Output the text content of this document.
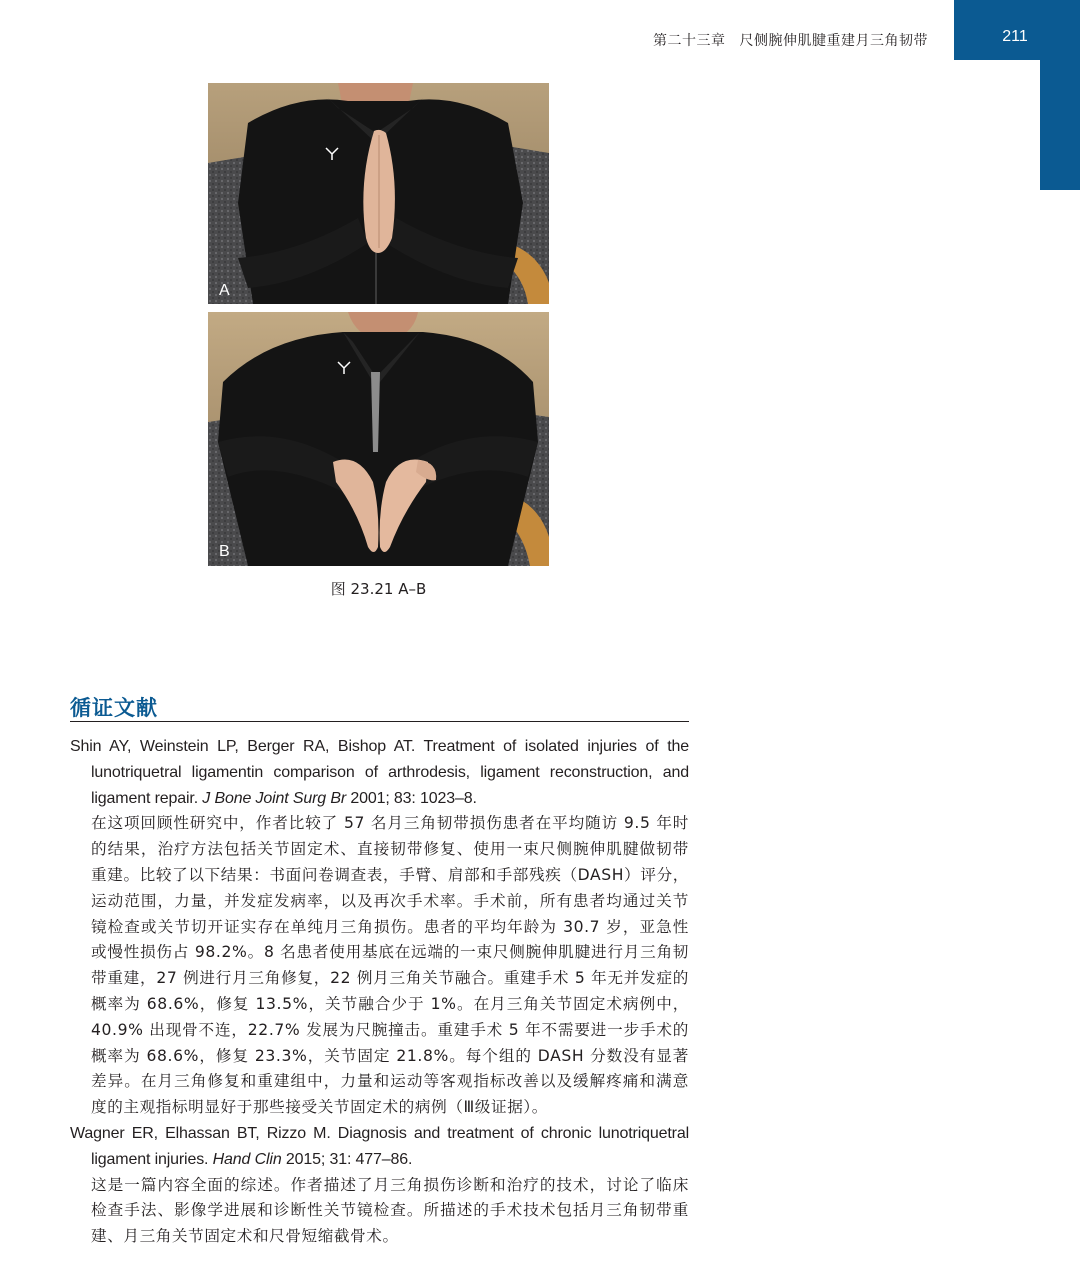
第二十三章 尺侧腕伸肌腱重建月三角韧带	211
A
B
图 23.21 A–B
循证文献
Shin AY, Weinstein LP, Berger RA, Bishop AT. Treatment of isolated injuries of the lunotriquetral ligamentin comparison of arthrodesis, ligament reconstruction, and ligament repair. J Bone Joint Surg Br 2001; 83: 1023–8.

在这项回顾性研究中，作者比较了 57 名月三角韧带损伤患者在平均随访 9.5 年时的结果，治疗方法包括关节固定术、直接韧带修复、使用一束尺侧腕伸肌腱做韧带重建。比较了以下结果：书面问卷调查表，手臂、肩部和手部残疾（DASH）评分，运动范围，力量，并发症发病率，以及再次手术率。手术前，所有患者均通过关节镜检查或关节切开证实存在单纯月三角损伤。患者的平均年龄为 30.7 岁，亚急性或慢性损伤占 98.2%。8 名患者使用基底在远端的一束尺侧腕伸肌腱进行月三角韧带重建，27 例进行月三角修复，22 例月三角关节融合。重建手术 5 年无并发症的概率为 68.6%，修复 13.5%，关节融合少于 1%。在月三角关节固定术病例中，40.9% 出现骨不连，22.7% 发展为尺腕撞击。重建手术 5 年不需要进一步手术的概率为 68.6%，修复 23.3%，关节固定 21.8%。每个组的 DASH 分数没有显著差异。在月三角修复和重建组中，力量和运动等客观指标改善以及缓解疼痛和满意度的主观指标明显好于那些接受关节固定术的病例（Ⅲ级证据）。

Wagner ER, Elhassan BT, Rizzo M. Diagnosis and treatment of chronic lunotriquetral ligament injuries. Hand Clin 2015; 31: 477–86.

这是一篇内容全面的综述。作者描述了月三角损伤诊断和治疗的技术，讨论了临床检查手法、影像学进展和诊断性关节镜检查。所描述的手术技术包括月三角韧带重建、月三角关节固定术和尺骨短缩截骨术。
